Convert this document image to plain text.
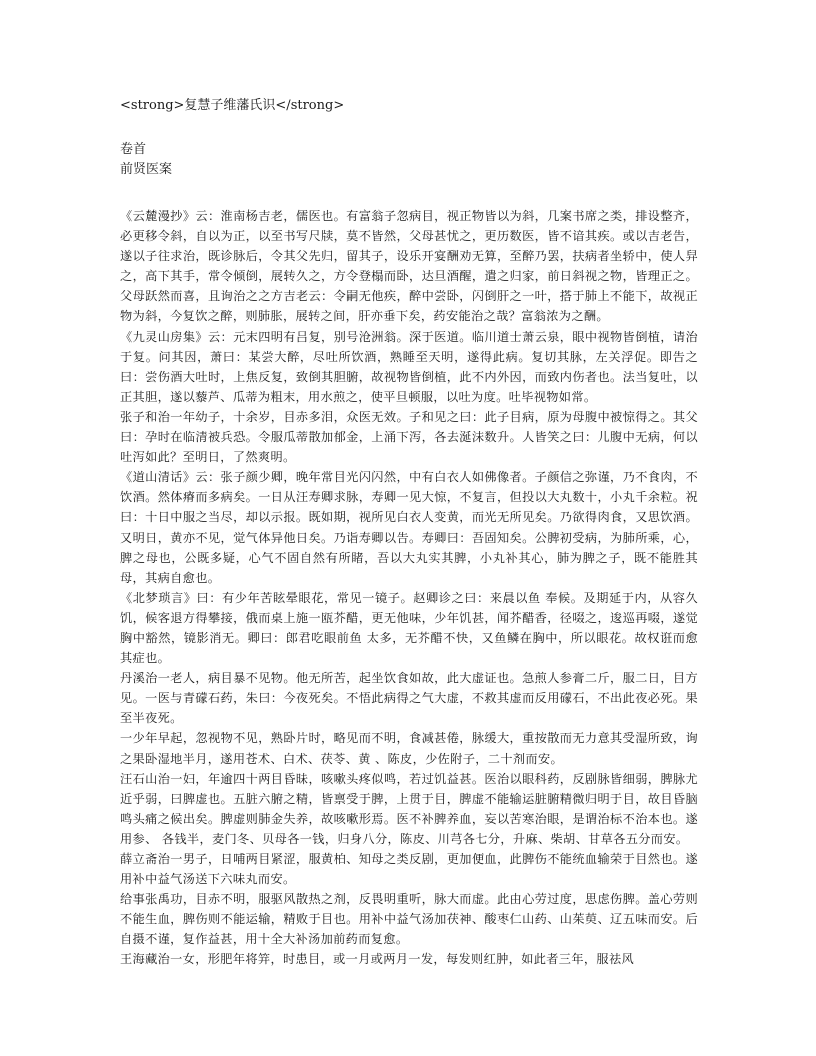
<strong>复慧子维藩氏识</strong>
卷首
前贤医案

《云麓漫抄》云：淮南杨吉老，儒医也。有富翁子忽病目，视正物皆以为斜，几案书席之类，排设整齐，必更移令斜，自以为正，以至书写尺牍，莫不皆然，父母甚忧之，更历数医，皆不谙其疾。或以吉老告，遂以子往求治，既诊脉后，令其父先归，留其子，设乐开宴酬劝无算，至醉乃罢，扶病者坐轿中，使人舁之，高下其手，常令倾倒，展转久之，方令登榻而卧，达旦酒醒，遣之归家，前日斜视之物，皆理正之。父母跃然而喜，且询治之之方吉老云：令嗣无他疾，醉中尝卧，闪倒肝之一叶，搭于肺上不能下，故视正物为斜，今复饮之醉，则肺胀，展转之间，肝亦垂下矣，药安能治之哉？富翁浓为之酬。

《九灵山房集》云：元末四明有吕复，别号沧洲翁。深于医道。临川道士萧云泉，眼中视物皆倒植，请治于复。问其因，萧曰：某尝大醉，尽吐所饮酒，熟睡至天明，遂得此病。复切其脉，左关浮促。即告之曰：尝伤酒大吐时，上焦反复，致倒其胆腑，故视物皆倒植，此不内外因，而致内伤者也。法当复吐，以正其胆，遂以藜芦、瓜蒂为粗末，用水煎之，使平旦顿服，以吐为度。吐毕视物如常。

张子和治一年幼子，十余岁，目赤多泪，众医无效。子和见之曰：此子目病，原为母腹中被惊得之。其父曰：孕时在临清被兵恐。令服瓜蒂散加郁金，上涌下泻，各去涎沫数升。人皆笑之曰：儿腹中无病，何以吐泻如此？至明日，了然爽明。

《道山清话》云：张子颜少卿，晚年常目光闪闪然，中有白衣人如佛像者。子颜信之弥谨，乃不食肉，不饮酒。然体瘠而多病矣。一日从汪寿卿求脉，寿卿一见大惊，不复言，但投以大丸数十，小丸千余粒。祝曰：十日中服之当尽，却以示报。既如期，视所见白衣人变黄，而光无所见矣。乃欲得肉食，又思饮酒。又明日，黄亦不见，觉气体异他日矣。乃诣寿卿以告。寿卿曰：吾固知矣。公脾初受病，为肺所乘，心，脾之母也，公既多疑，心气不固自然有所睹，吾以大丸实其脾，小丸补其心，肺为脾之子，既不能胜其母，其病自愈也。

《北梦琐言》曰：有少年苦眩晕眼花，常见一镜子。赵卿诊之曰：来晨以鱼 奉候。及期延于内，从容久饥，候客退方得攀接，俄而桌上施一瓯芥醋，更无他味，少年饥甚，闻芥醋香，径啜之，逡巡再啜，遂觉胸中豁然，镜影消无。卿曰：郎君吃眼前鱼 太多，无芥醋不快，又鱼鳞在胸中，所以眼花。故权诳而愈其症也。

丹溪治一老人，病目暴不见物。他无所苦，起坐饮食如故，此大虚证也。急煎人参膏二斤，服二日，目方见。一医与青礞石药，朱曰：今夜死矣。不悟此病得之气大虚，不救其虚而反用礞石，不出此夜必死。果至半夜死。

一少年早起，忽视物不见，熟卧片时，略见而不明，食减甚倦，脉缓大，重按散而无力意其受湿所致，询之果卧湿地半月，遂用苍术、白术、茯苓、黄 、陈皮，少佐附子，二十剂而安。

汪石山治一妇，年逾四十两目昏昧，咳嗽头疼似鸣，若过饥益甚。医治以眼科药，反剧脉皆细弱，脾脉尤近乎弱，曰脾虚也。五脏六腑之精，皆禀受于脾，上贯于目，脾虚不能输运脏腑精微归明于目，故目昏脑鸣头痛之候出矣。脾虚则肺金失养，故咳嗽形焉。医不补脾养血，妄以苦寒治眼，是谓治标不治本也。遂用参、 各钱半，麦门冬、贝母各一钱，归身八分，陈皮、川芎各七分，升麻、柴胡、甘草各五分而安。

薛立斋治一男子，日哺两目紧涩，服黄柏、知母之类反剧，更加便血，此脾伤不能统血输荣于目然也。遂用补中益气汤送下六味丸而安。

给事张禹功，目赤不明，服驱风散热之剂，反畏明重听，脉大而虚。此由心劳过度，思虑伤脾。盖心劳则不能生血，脾伤则不能运输，精败于目也。用补中益气汤加茯神、酸枣仁山药、山茱萸、辽五味而安。后自摄不谨，复作益甚，用十全大补汤加前药而复愈。

王海藏治一女，形肥年将笄，时患目，或一月或两月一发，每发则红肿，如此者三年，服祛风
